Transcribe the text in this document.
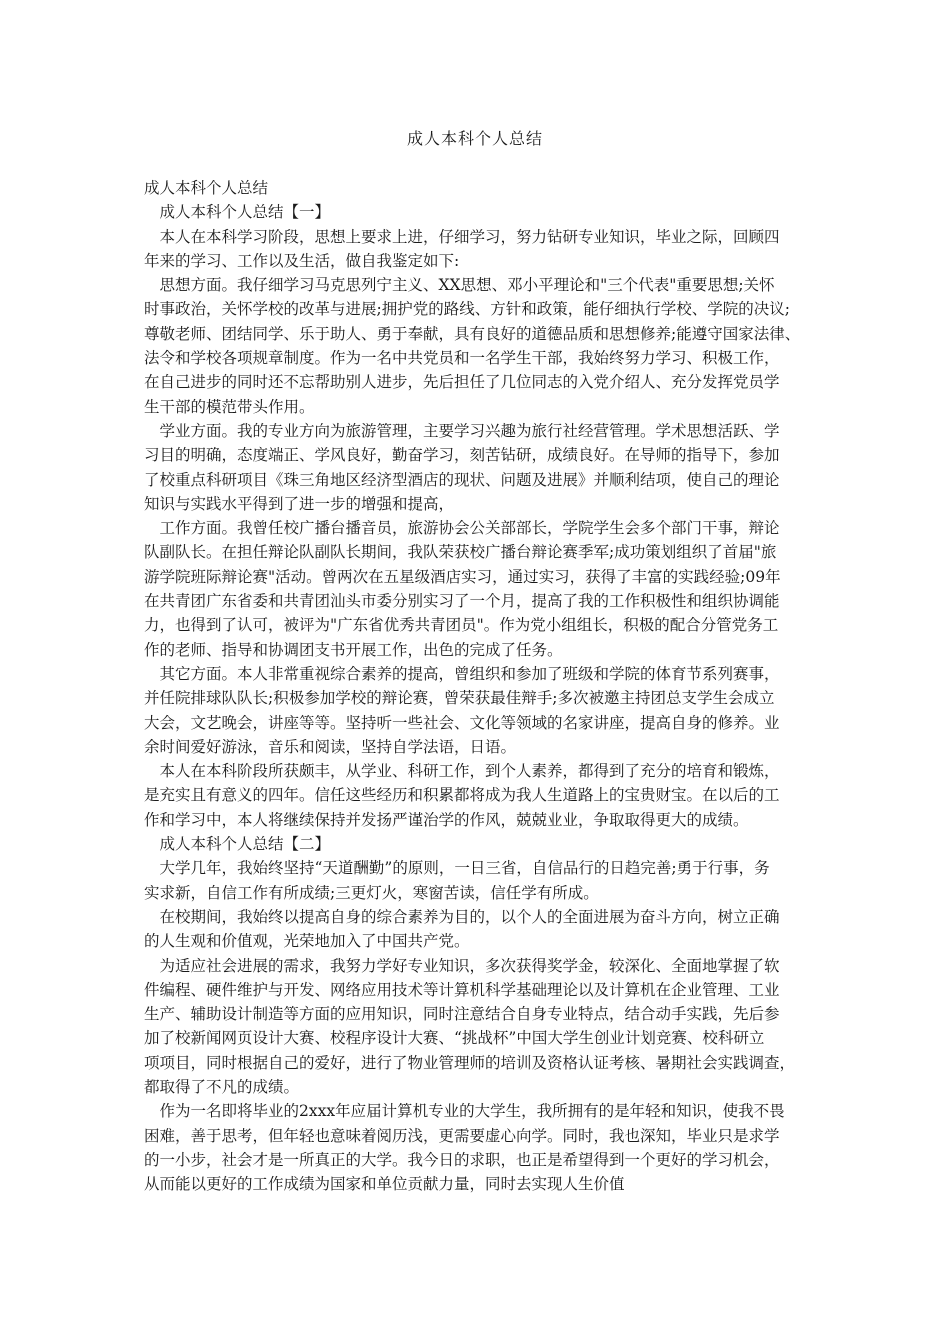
成人本科个人总结
成人本科个人总结
　成人本科个人总结【一】
　本人在本科学习阶段，思想上要求上进，仔细学习，努力钻研专业知识，毕业之际，回顾四
年来的学习、工作以及生活，做自我鉴定如下:
　思想方面。我仔细学习马克思列宁主义、XX思想、邓小平理论和"三个代表"重要思想;关怀
时事政治，关怀学校的改革与进展;拥护党的路线、方针和政策，能仔细执行学校、学院的决议;
尊敬老师、团结同学、乐于助人、勇于奉献，具有良好的道德品质和思想修养;能遵守国家法律、
法令和学校各项规章制度。作为一名中共党员和一名学生干部，我始终努力学习、积极工作，
在自己进步的同时还不忘帮助别人进步，先后担任了几位同志的入党介绍人、充分发挥党员学
生干部的模范带头作用。
　学业方面。我的专业方向为旅游管理，主要学习兴趣为旅行社经营管理。学术思想活跃、学
习目的明确，态度端正、学风良好，勤奋学习，刻苦钻研，成绩良好。在导师的指导下，参加
了校重点科研项目《珠三角地区经济型酒店的现状、问题及进展》并顺利结项，使自己的理论
知识与实践水平得到了进一步的增强和提高，
　工作方面。我曾任校广播台播音员，旅游协会公关部部长，学院学生会多个部门干事，辩论
队副队长。在担任辩论队副队长期间，我队荣获校广播台辩论赛季军;成功策划组织了首届"旅
游学院班际辩论赛"活动。曾两次在五星级酒店实习，通过实习，获得了丰富的实践经验;09年
在共青团广东省委和共青团汕头市委分别实习了一个月，提高了我的工作积极性和组织协调能
力，也得到了认可，被评为"广东省优秀共青团员"。作为党小组组长，积极的配合分管党务工
作的老师、指导和协调团支书开展工作，出色的完成了任务。
　其它方面。本人非常重视综合素养的提高，曾组织和参加了班级和学院的体育节系列赛事，
并任院排球队队长;积极参加学校的辩论赛，曾荣获最佳辩手;多次被邀主持团总支学生会成立
大会，文艺晚会，讲座等等。坚持听一些社会、文化等领域的名家讲座，提高自身的修养。业
余时间爱好游泳，音乐和阅读，坚持自学法语，日语。
　本人在本科阶段所获颇丰，从学业、科研工作，到个人素养，都得到了充分的培育和锻炼，
是充实且有意义的四年。信任这些经历和积累都将成为我人生道路上的宝贵财宝。在以后的工
作和学习中，本人将继续保持并发扬严谨治学的作风，兢兢业业，争取取得更大的成绩。
　成人本科个人总结【二】
　大学几年，我始终坚持“天道酬勤”的原则，一日三省，自信品行的日趋完善;勇于行事，务
实求新，自信工作有所成绩;三更灯火，寒窗苦读，信任学有所成。
　在校期间，我始终以提高自身的综合素养为目的，以个人的全面进展为奋斗方向，树立正确
的人生观和价值观，光荣地加入了中国共产党。
　为适应社会进展的需求，我努力学好专业知识，多次获得奖学金，较深化、全面地掌握了软
件编程、硬件维护与开发、网络应用技术等计算机科学基础理论以及计算机在企业管理、工业
生产、辅助设计制造等方面的应用知识，同时注意结合自身专业特点，结合动手实践，先后参
加了校新闻网页设计大赛、校程序设计大赛、“挑战杯”中国大学生创业计划竞赛、校科研立
项项目，同时根据自己的爱好，进行了物业管理师的培训及资格认证考核、暑期社会实践调查，
都取得了不凡的成绩。
　作为一名即将毕业的2xxx年应届计算机专业的大学生，我所拥有的是年轻和知识，使我不畏
困难，善于思考，但年轻也意味着阅历浅，更需要虚心向学。同时，我也深知，毕业只是求学
的一小步，社会才是一所真正的大学。我今日的求职，也正是希望得到一个更好的学习机会，
从而能以更好的工作成绩为国家和单位贡献力量，同时去实现人生价值
